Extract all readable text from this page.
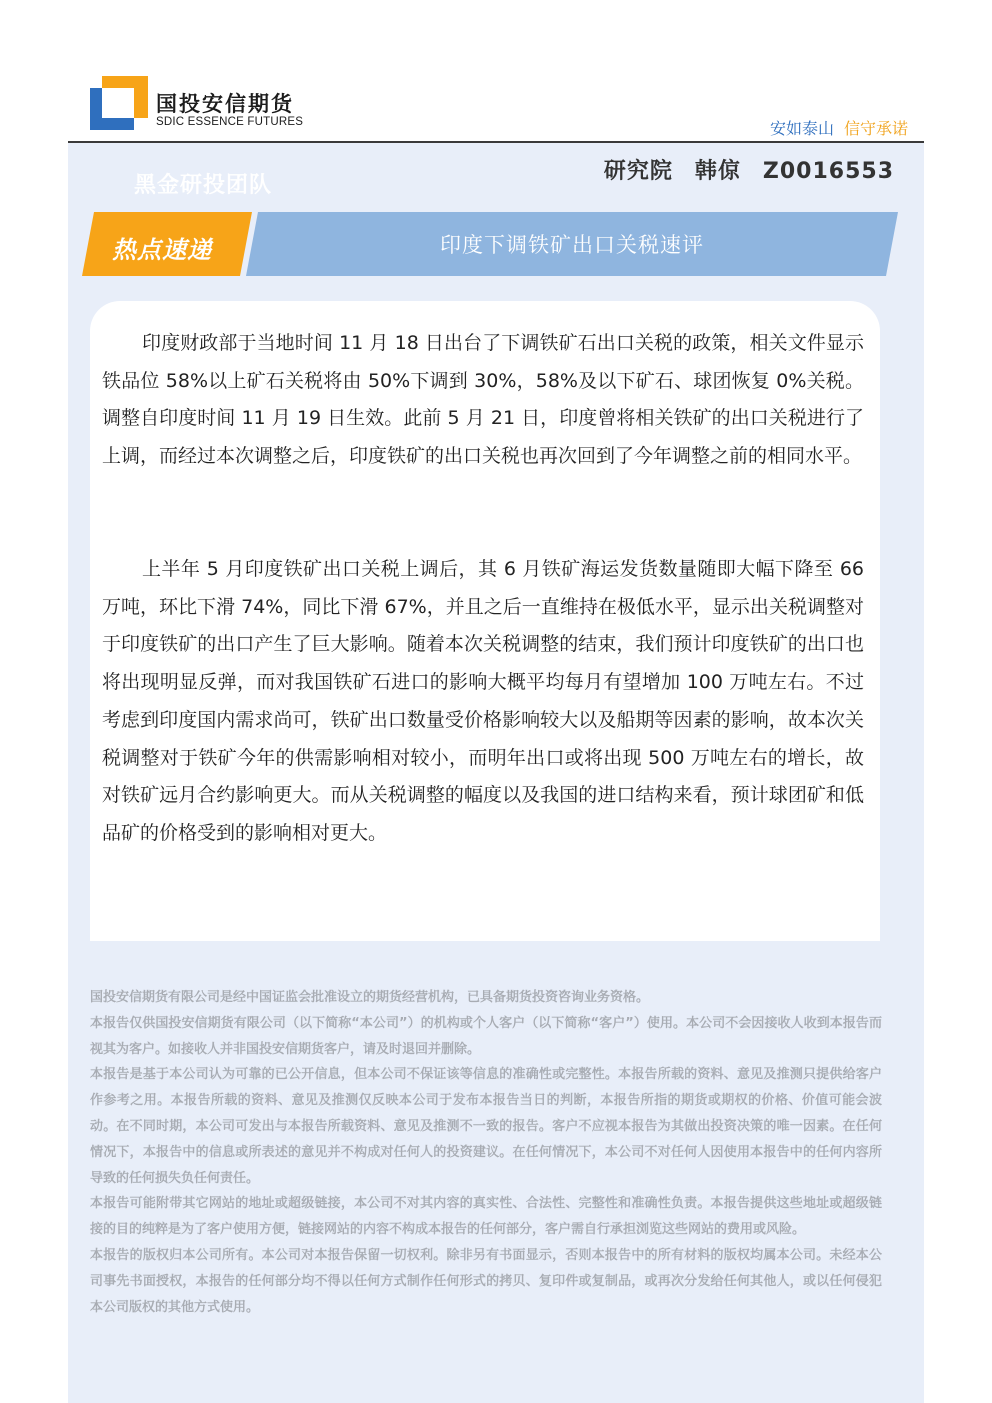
国投安信期货
SDIC ESSENCE FUTURES	安如泰山 信守承诺
黑金研投团队
研究院 韩倞 Z0016553
热点速递	印度下调铁矿出口关税速评

印度财政部于当地时间 11 月 18 日出台了下调铁矿石出口关税的政策，相关文件显示铁品位 58%以上矿石关税将由 50%下调到 30%，58%及以下矿石、球团恢复 0%关税。调整自印度时间 11 月 19 日生效。此前 5 月 21 日，印度曾将相关铁矿的出口关税进行了上调，而经过本次调整之后，印度铁矿的出口关税也再次回到了今年调整之前的相同水平。

上半年 5 月印度铁矿出口关税上调后，其 6 月铁矿海运发货数量随即大幅下降至 66 万吨，环比下滑 74%，同比下滑 67%，并且之后一直维持在极低水平，显示出关税调整对于印度铁矿的出口产生了巨大影响。随着本次关税调整的结束，我们预计印度铁矿的出口也将出现明显反弹，而对我国铁矿石进口的影响大概平均每月有望增加 100 万吨左右。不过考虑到印度国内需求尚可，铁矿出口数量受价格影响较大以及船期等因素的影响，故本次关税调整对于铁矿今年的供需影响相对较小，而明年出口或将出现 500 万吨左右的增长，故对铁矿远月合约影响更大。而从关税调整的幅度以及我国的进口结构来看，预计球团矿和低品矿的价格受到的影响相对更大。

国投安信期货有限公司是经中国证监会批准设立的期货经营机构，已具备期货投资咨询业务资格。

本报告仅供国投安信期货有限公司（以下简称“本公司”）的机构或个人客户（以下简称“客户”）使用。本公司不会因接收人收到本报告而视其为客户。如接收人并非国投安信期货客户，请及时退回并删除。

本报告是基于本公司认为可靠的已公开信息，但本公司不保证该等信息的准确性或完整性。本报告所载的资料、意见及推测只提供给客户作参考之用。本报告所载的资料、意见及推测仅反映本公司于发布本报告当日的判断，本报告所指的期货或期权的价格、价值可能会波动。在不同时期，本公司可发出与本报告所载资料、意见及推测不一致的报告。客户不应视本报告为其做出投资决策的唯一因素。在任何情况下，本报告中的信息或所表述的意见并不构成对任何人的投资建议。在任何情况下，本公司不对任何人因使用本报告中的任何内容所导致的任何损失负任何责任。

本报告可能附带其它网站的地址或超级链接，本公司不对其内容的真实性、合法性、完整性和准确性负责。本报告提供这些地址或超级链接的目的纯粹是为了客户使用方便，链接网站的内容不构成本报告的任何部分，客户需自行承担浏览这些网站的费用或风险。

本报告的版权归本公司所有。本公司对本报告保留一切权利。除非另有书面显示，否则本报告中的所有材料的版权均属本公司。未经本公司事先书面授权，本报告的任何部分均不得以任何方式制作任何形式的拷贝、复印件或复制品，或再次分发给任何其他人，或以任何侵犯本公司版权的其他方式使用。
